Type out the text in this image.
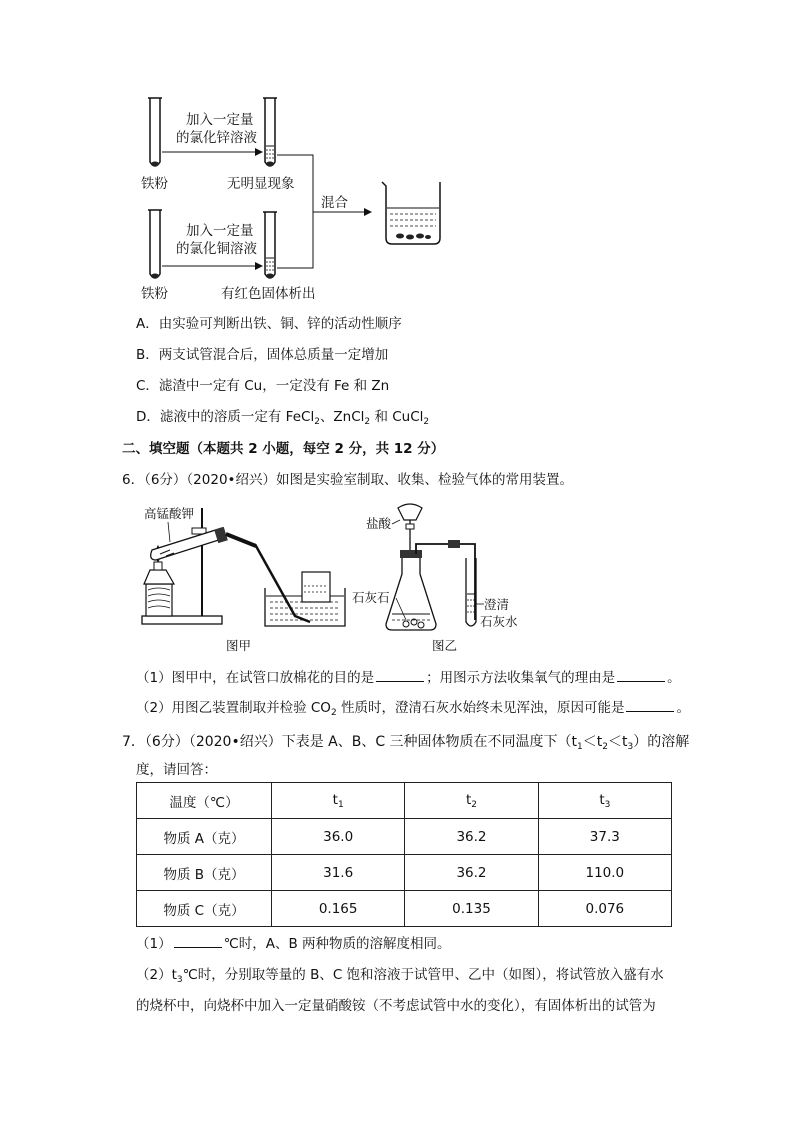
加入一定量
的氯化锌溶液
铁粉	无明显现象
混合
加入一定量
的氯化铜溶液
铁粉	有红色固体析出
A．由实验可判断出铁、铜、锌的活动性顺序
B．两支试管混合后，固体总质量一定增加
C．滤渣中一定有 Cu，一定没有 Fe 和 Zn
D．滤液中的溶质一定有 FeCl$_2$、ZnCl$_2$ 和 CuCl$_2$
二、填空题（本题共 2 小题，每空 2 分，共 12 分）
6．（6分）（2020•绍兴）如图是实验室制取、收集、检验气体的常用装置。
高锰酸钾
盐酸
石灰石	澄清
石灰水
图甲	图乙
（1）图甲中，在试管口放棉花的目的是	；用图示方法收集氧气的理由是	。
（2）用图乙装置制取并检验 $CO_2$ 性质时，澄清石灰水始终未见浑浊，原因可能是	。
7．（6分）（2020•绍兴）下表是 A、B、C 三种固体物质在不同温度下$(t_1<t_2<t_3)$的溶解
度，请回答：
温度（℃）	$t_1$	$t_2$	$t_3$
物质 A（克）	36.0	36.2	37.3
物质 B（克）	31.6	36.2	110.0
物质 C（克）	0.165	0.135	0.076
（1）	℃时，A、B 两种物质的溶解度相同。
$(2)t_3℃$时，分别取等量的 B、C 饱和溶液于试管甲、乙中（如图），将试管放入盛有水
的烧杯中，向烧杯中加入一定量硝酸铵（不考虑试管中水的变化），有固体析出的试管为
